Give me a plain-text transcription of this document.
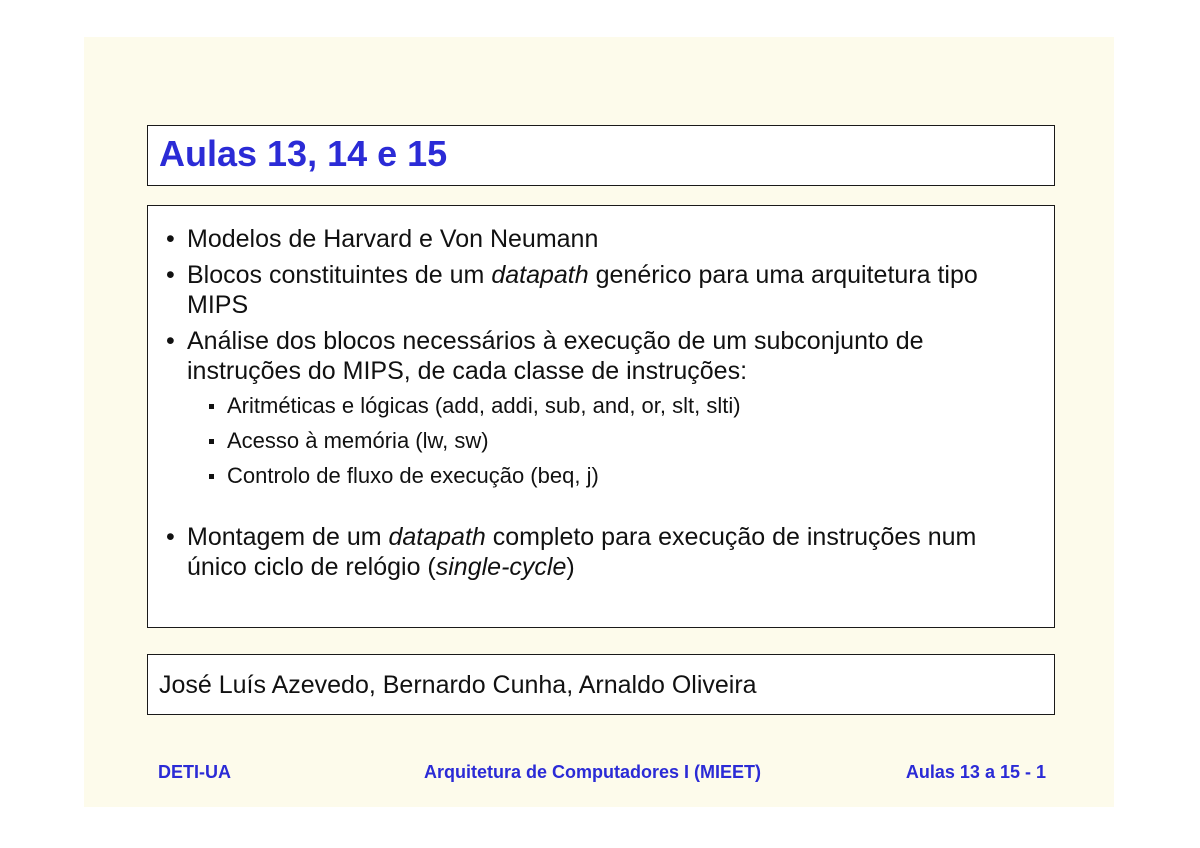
Aulas 13, 14 e 15
• Modelos de Harvard e Von Neumann
• Blocos constituintes de um datapath genérico para uma arquitetura tipo MIPS
• Análise dos blocos necessários à execução de um subconjunto de instruções do MIPS, de cada classe de instruções:
Aritméticas e lógicas (add, addi, sub, and, or, slt, slti)
Acesso à memória (lw, sw)
Controlo de fluxo de execução (beq, j)
• Montagem de um datapath completo para execução de instruções num único ciclo de relógio (single-cycle)
José Luís Azevedo, Bernardo Cunha, Arnaldo Oliveira
DETI-UA	Arquitetura de Computadores I (MIEET)	Aulas 13 a 15 - 1
